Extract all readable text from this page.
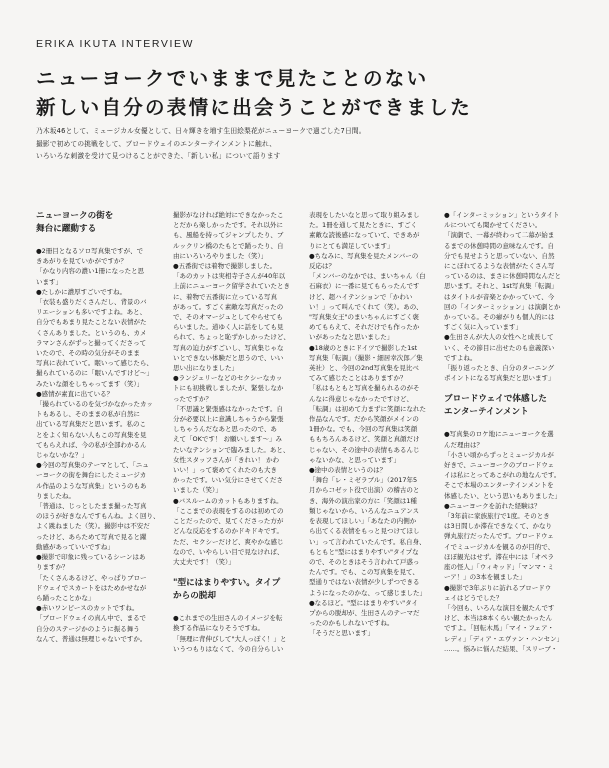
ERIKA IKUTA INTERVIEW
ニューヨークでいままで見たことのない
新しい自分の表情に出会うことができました
乃木坂46として、ミュージカル女優として、日々輝きを増す生田絵梨花がニューヨークで過ごした7日間。
撮影で初めての挑戦をして、ブロードウェイのエンターテインメントに触れ、
いろいろな刺激を受けて見つけることができた、「新しい私」について語ります
ニューヨークの街を
舞台に躍動する
●2冊目となるソロ写真集ですが、で
きあがりを見ていかがですか？
「かなり内容の濃い1冊になったと思
います」
●たしかに濃厚すごいですね。
「衣装も盛りだくさんだし、背景のバ
リエーションも多いですよね。あと、
自分でもあまり見たことない表情がた
くさんありました。というのも、カメ
ラマンさんがずっと撮ってくださって
いたので、その時の気分がそのまま
写真に表れていて。眠いって感じたら、
撮られているのに「眠いんですけど〜」
みたいな顔をしちゃってます（笑）」
●感情が素直に出ている？
「撮られているのを気づかなかったカッ
トもあるし、そのままの私が自然に
出ている写真集だと思います。私のこ
とをよく知らない人もこの写真集を見
てもらえれば、今の私が全部わかるん
じゃないかな？」
●今回の写真集のテーマとして、「ニュ
ーヨークの街を舞台にしたミュージカ
ル作品のような写真集」というのもあ
りましたね。
「普通は、じっとしたまま撮った写真
のほうが好きなんですもんね。よく回り、
よく跳ねました（笑）。撮影中は不安だ
ったけど、あらためて写真で見ると躍
動感があっていいですね」
●撮影で印象に残っているシーンはあ
りますか？
「たくさんあるけど、やっぱりブロー
ドウェイでスカートをはためかせなが
ら踊ったことかな」
●赤いワンピースのカットですね。
「ブロードウェイの真ん中で、まるで
自分のステージかのように振る舞う
なんて、普通は無理じゃないですか。
撮影がなければ絶対にできなかったこ
とだから楽しかったです。それ以外に
も、風船を持ってジャンプしたり、ブ
ルックリン橋のたもとで踊ったり、自
由にいろいろやりました（笑）」
●五番街では着物で撮影しました。
「あのカットは実相寺子さんが40年以
上前にニューヨーク留学されていたとき
に、着物で五番街に立っている写真
があって。すごく素敵な写真だったの
で、そのオマージュとしてやらせても
らいました。道ゆく人に話をしても見
られて、ちょっと恥ずかしかったけど、
写真の迫力がすごいし、写真集じゃな
いとできない体験だと思うので、いい
思い出になりました」
●ランジェリーなどのセクシーなカッ
トにも初挑戦しましたが、緊張しなか
ったですか？
「不思議と緊張感はなかったです。自
分が必要以上に意識しちゃうから緊張
しちゃうんだなあと思ったので、あ
えて「OKです！ お願いします〜」み
たいなテンションで臨みました。あと、
女性スタッフさんが「きれい！ かわ
いい！」って褒めてくれたのも大き
かったです。いい気分にさせてくださ
いました（笑）」
●バスルームのカットもありますね。
「ここまでの表現をするのは初めての
ことだったので、見てくださった方が
どんな反応をするのかドキドキです。
ただ、セクシーだけど、爽やかな感じ
なので、いやらしい目で見なければ、
大丈夫です！（笑）」
"型にはまりやすい。タイプ
からの脱却
●これまでの生田さんのイメージを転
換する作品になりそうですね。
「無理に背伸びして"大人っぽく！」と
いうつもりはなくて、今の自分らしい
表現をしたいなと思って取り組みまし
た。1冊を通して見たときに、すごく
素敵な読後感になっていて、できあが
りにとても満足しています」
●ちなみに、写真集を見たメンバーの
反応は？
「メンバーのなかでは、まいちゃん（白
石麻衣）に一番に見てもらったんです
けど、超ハイテンションで「かわい
い！」って叫んでくれて（笑）。あの、
"写真集女王"のまいちゃんにすごく褒
めてもらえて、それだけでも作ったか
いがあったなと思いました」
●18歳のときにドイツで撮影した1st
写真集「転調」（撮影・細居幸次郎／集
英社）と、今回の2nd写真集を見比べ
てみて感じたことはありますか？
「私はもともと写真を撮られるのがそ
んなに得意じゃなかったですけど、
「転調」は初めて力まずに笑顔になれた
作品なんです。だから笑顔がメインの
1冊かな。でも、今回の写真集は笑顔
ももちろんあるけど、笑顔と真顔だけ
じゃない、その途中の表情もあるんじ
ゃないかな、と思っています」
●途中の表情というのは？
「舞台「レ・ミゼラブル」（2017年5
月からコゼット役で出演）の稽古のと
き、海外の演出家の方に「笑顔は1種
類じゃないから、いろんなニュアンス
を表現してほしい」「あなたの内側か
ら出てくる表情をもっと見つけてほし
い」って言われていたんです。私自身、
もともと"型にはまりやすい"タイプな
ので、そのときはそう言われて戸惑っ
たんです。でも、この写真集を見て、
型通りではない表情が少しずつできる
ようになったのかな、って感じました」
●なるほど。"型にはまりやすい"タイ
プからの脱却が、生田さんのテーマだ
ったのかもしれないですね。
「そうだと思います」
●「インターミッション」というタイト
ルについても聞かせてください。
「演劇で、一幕が終わって二幕が始ま
るまでの休憩時間の意味なんです。自
分でも見せようと思っていない、自然
にこぼれてるような表情がたくさん写
っているのは、まさに休憩時間なんだと
思います。それと、1st写真集「転調」
はタイトルが音楽とかかっていて、今
回の「インターミッション」は演劇とか
かっている。その癖がりも個人的には
すごく気に入っています」
●生田さんが大人の女性へと成長して
いく、その節目に出せたのも意義深い
ですよね。
「振り返ったとき、自分のターニング
ポイントになる写真集だと思います」
ブロードウェイで体感した
エンターテインメント
●写真集のロケ地にニューヨークを選
んだ理由は？
「小さい頃からずっとミュージカルが
好きで、ニューヨークのブロードウェ
イは私にとってあこがれの地なんです。
そこで本場のエンターテインメントを
体感したい、という思いもありました」
●ニューヨークを訪れた経験は？
「3年前に家族旅行で1度。そのとき
は3日間しか滞在できなくて、かなり
弾丸旅行だったんです。ブロードウェ
イでミュージカルを観るのが目的で、
ほぼ観光はせず。滞在中には「オペラ
座の怪人」「ウィキッド」「マンマ・ミ
ーア！」の3本を観ました」
●撮影で3年ぶりに訪れるブロードウ
ェイはどうでした？
「今回も、いろんな演目を観たんです
けど、本当は8本くらい観たかったん
ですよ。「回転木馬」「マイ・フェア・
レディ」「ディア・エヴァン・ハンセン」
……。悩みに悩んだ結果、「スリーブ・
